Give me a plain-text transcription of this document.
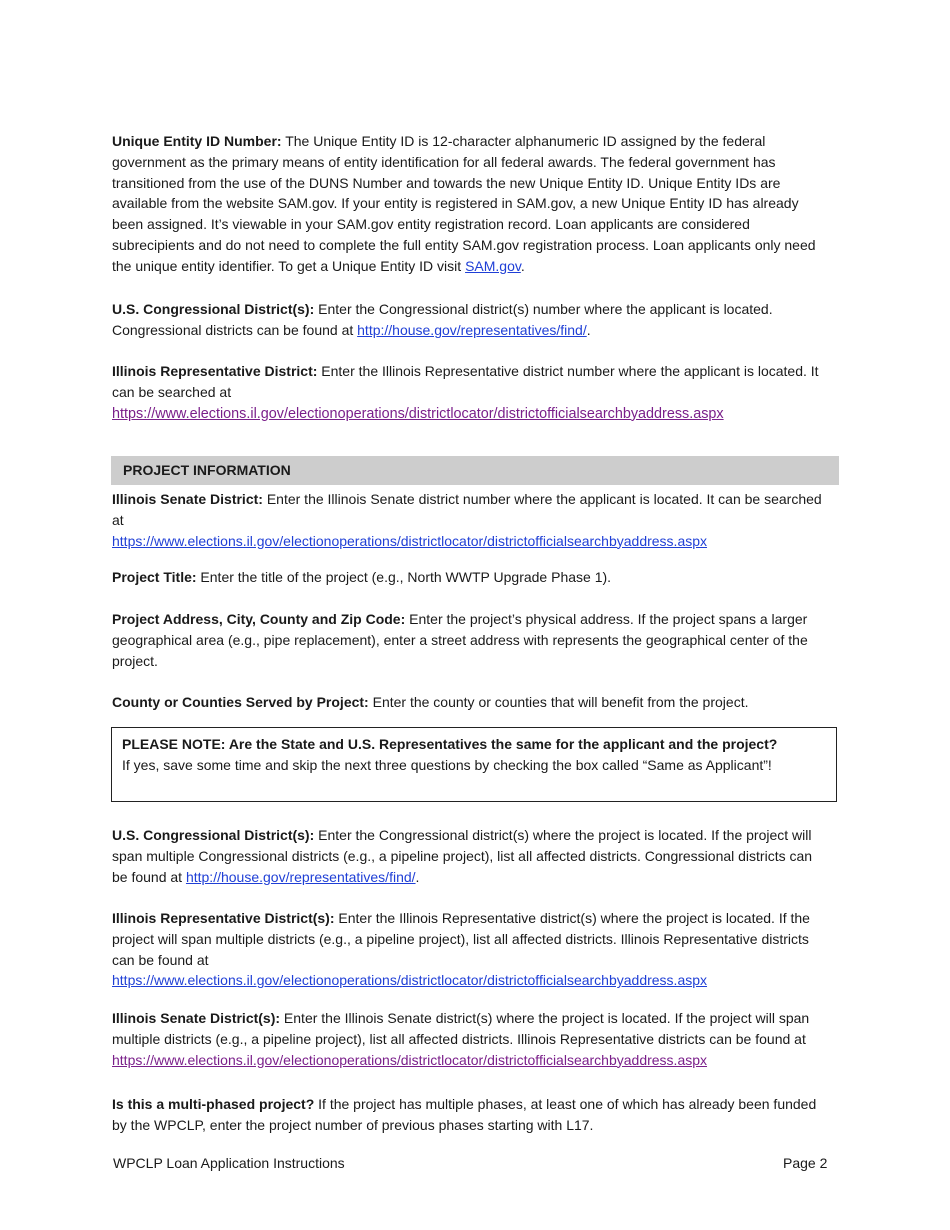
Unique Entity ID Number: The Unique Entity ID is 12-character alphanumeric ID assigned by the federal government as the primary means of entity identification for all federal awards. The federal government has transitioned from the use of the DUNS Number and towards the new Unique Entity ID. Unique Entity IDs are available from the website SAM.gov. If your entity is registered in SAM.gov, a new Unique Entity ID has already been assigned. It’s viewable in your SAM.gov entity registration record. Loan applicants are considered subrecipients and do not need to complete the full entity SAM.gov registration process. Loan applicants only need the unique entity identifier. To get a Unique Entity ID visit SAM.gov.
U.S. Congressional District(s): Enter the Congressional district(s) number where the applicant is located. Congressional districts can be found at http://house.gov/representatives/find/.
Illinois Representative District: Enter the Illinois Representative district number where the applicant is located. It can be searched at
https://www.elections.il.gov/electionoperations/districtlocator/districtofficialsearchbyaddress.aspx
PROJECT INFORMATION
Illinois Senate District: Enter the Illinois Senate district number where the applicant is located. It can be searched at
https://www.elections.il.gov/electionoperations/districtlocator/districtofficialsearchbyaddress.aspx
Project Title: Enter the title of the project (e.g., North WWTP Upgrade Phase 1).
Project Address, City, County and Zip Code: Enter the project’s physical address. If the project spans a larger geographical area (e.g., pipe replacement), enter a street address with represents the geographical center of the project.
County or Counties Served by Project: Enter the county or counties that will benefit from the project.
PLEASE NOTE: Are the State and U.S. Representatives the same for the applicant and the project?
If yes, save some time and skip the next three questions by checking the box called “Same as Applicant”!
U.S. Congressional District(s): Enter the Congressional district(s) where the project is located. If the project will span multiple Congressional districts (e.g., a pipeline project), list all affected districts. Congressional districts can be found at http://house.gov/representatives/find/.
Illinois Representative District(s): Enter the Illinois Representative district(s) where the project is located. If the project will span multiple districts (e.g., a pipeline project), list all affected districts. Illinois Representative districts can be found at
https://www.elections.il.gov/electionoperations/districtlocator/districtofficialsearchbyaddress.aspx
Illinois Senate District(s): Enter the Illinois Senate district(s) where the project is located. If the project will span multiple districts (e.g., a pipeline project), list all affected districts. Illinois Representative districts can be found at
https://www.elections.il.gov/electionoperations/districtlocator/districtofficialsearchbyaddress.aspx
Is this a multi-phased project? If the project has multiple phases, at least one of which has already been funded by the WPCLP, enter the project number of previous phases starting with L17.
WPCLP Loan Application Instructions	Page 2
